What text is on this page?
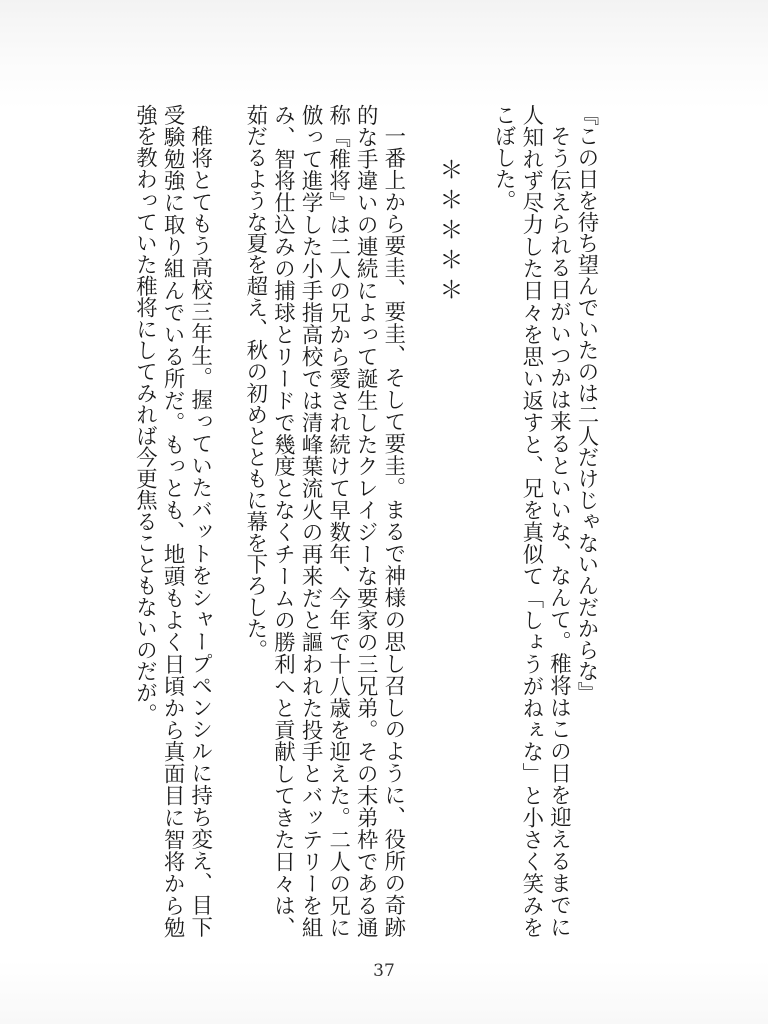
『この日を待ち望んでいたのは二人だけじゃないんだからな』

そう伝えられる日がいつかは来るといいな、なんて。稚将はこの日を迎えるまでに人知れず尽力した日々を思い返すと、兄を真似て「しょうがねぇな」と小さく笑みをこぼした。

＊＊＊＊＊

一番上から要圭、要圭、そして要圭。まるで神様の思し召しのように、役所の奇跡的な手違いの連続によって誕生したクレイジーな要家の三兄弟。その末弟枠である通称『稚将』は二人の兄から愛され続けて早数年、今年で十八歳を迎えた。二人の兄に倣って進学した小手指高校では清峰葉流火の再来だと謳われた投手とバッテリーを組み、智将仕込みの捕球とリードで幾度となくチームの勝利へと貢献してきた日々は、茹だるような夏を超え、秋の初めとともに幕を下ろした。

稚将とてもう高校三年生。握っていたバットをシャープペンシルに持ち変え、目下受験勉強に取り組んでいる所だ。もっとも、地頭もよく日頃から真面目に智将から勉強を教わっていた稚将にしてみれば今更焦ることもないのだが。

37
